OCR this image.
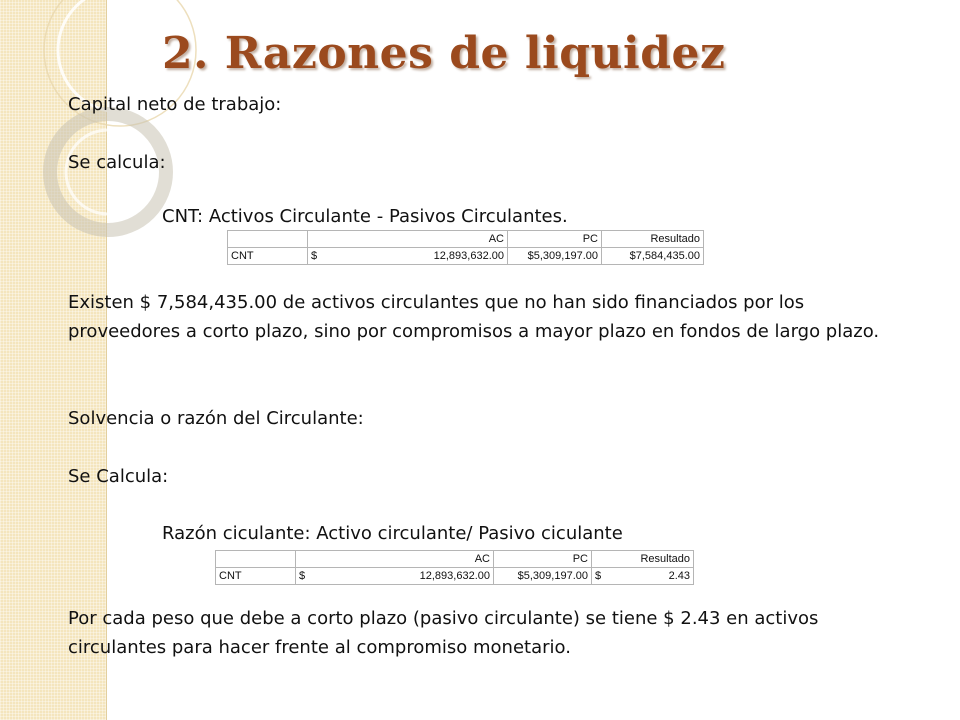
2. Razones de liquidez
Capital neto de trabajo:
Se calcula:
CNT: Activos Circulante - Pasivos Circulantes.
	AC	PC	Resultado
CNT	$ 12,893,632.00	$5,309,197.00	$7,584,435.00
Existen $ 7,584,435.00 de activos circulantes que no han sido financiados por los proveedores a corto plazo, sino por compromisos a mayor plazo en fondos de largo plazo.
Solvencia o razón del Circulante:
Se Calcula:
Razón ciculante: Activo circulante/ Pasivo ciculante
	AC	PC	Resultado
CNT	$ 12,893,632.00	$5,309,197.00	$ 2.43
Por cada peso que debe a corto plazo (pasivo circulante) se tiene $ 2.43 en activos circulantes para hacer frente al compromiso monetario.
